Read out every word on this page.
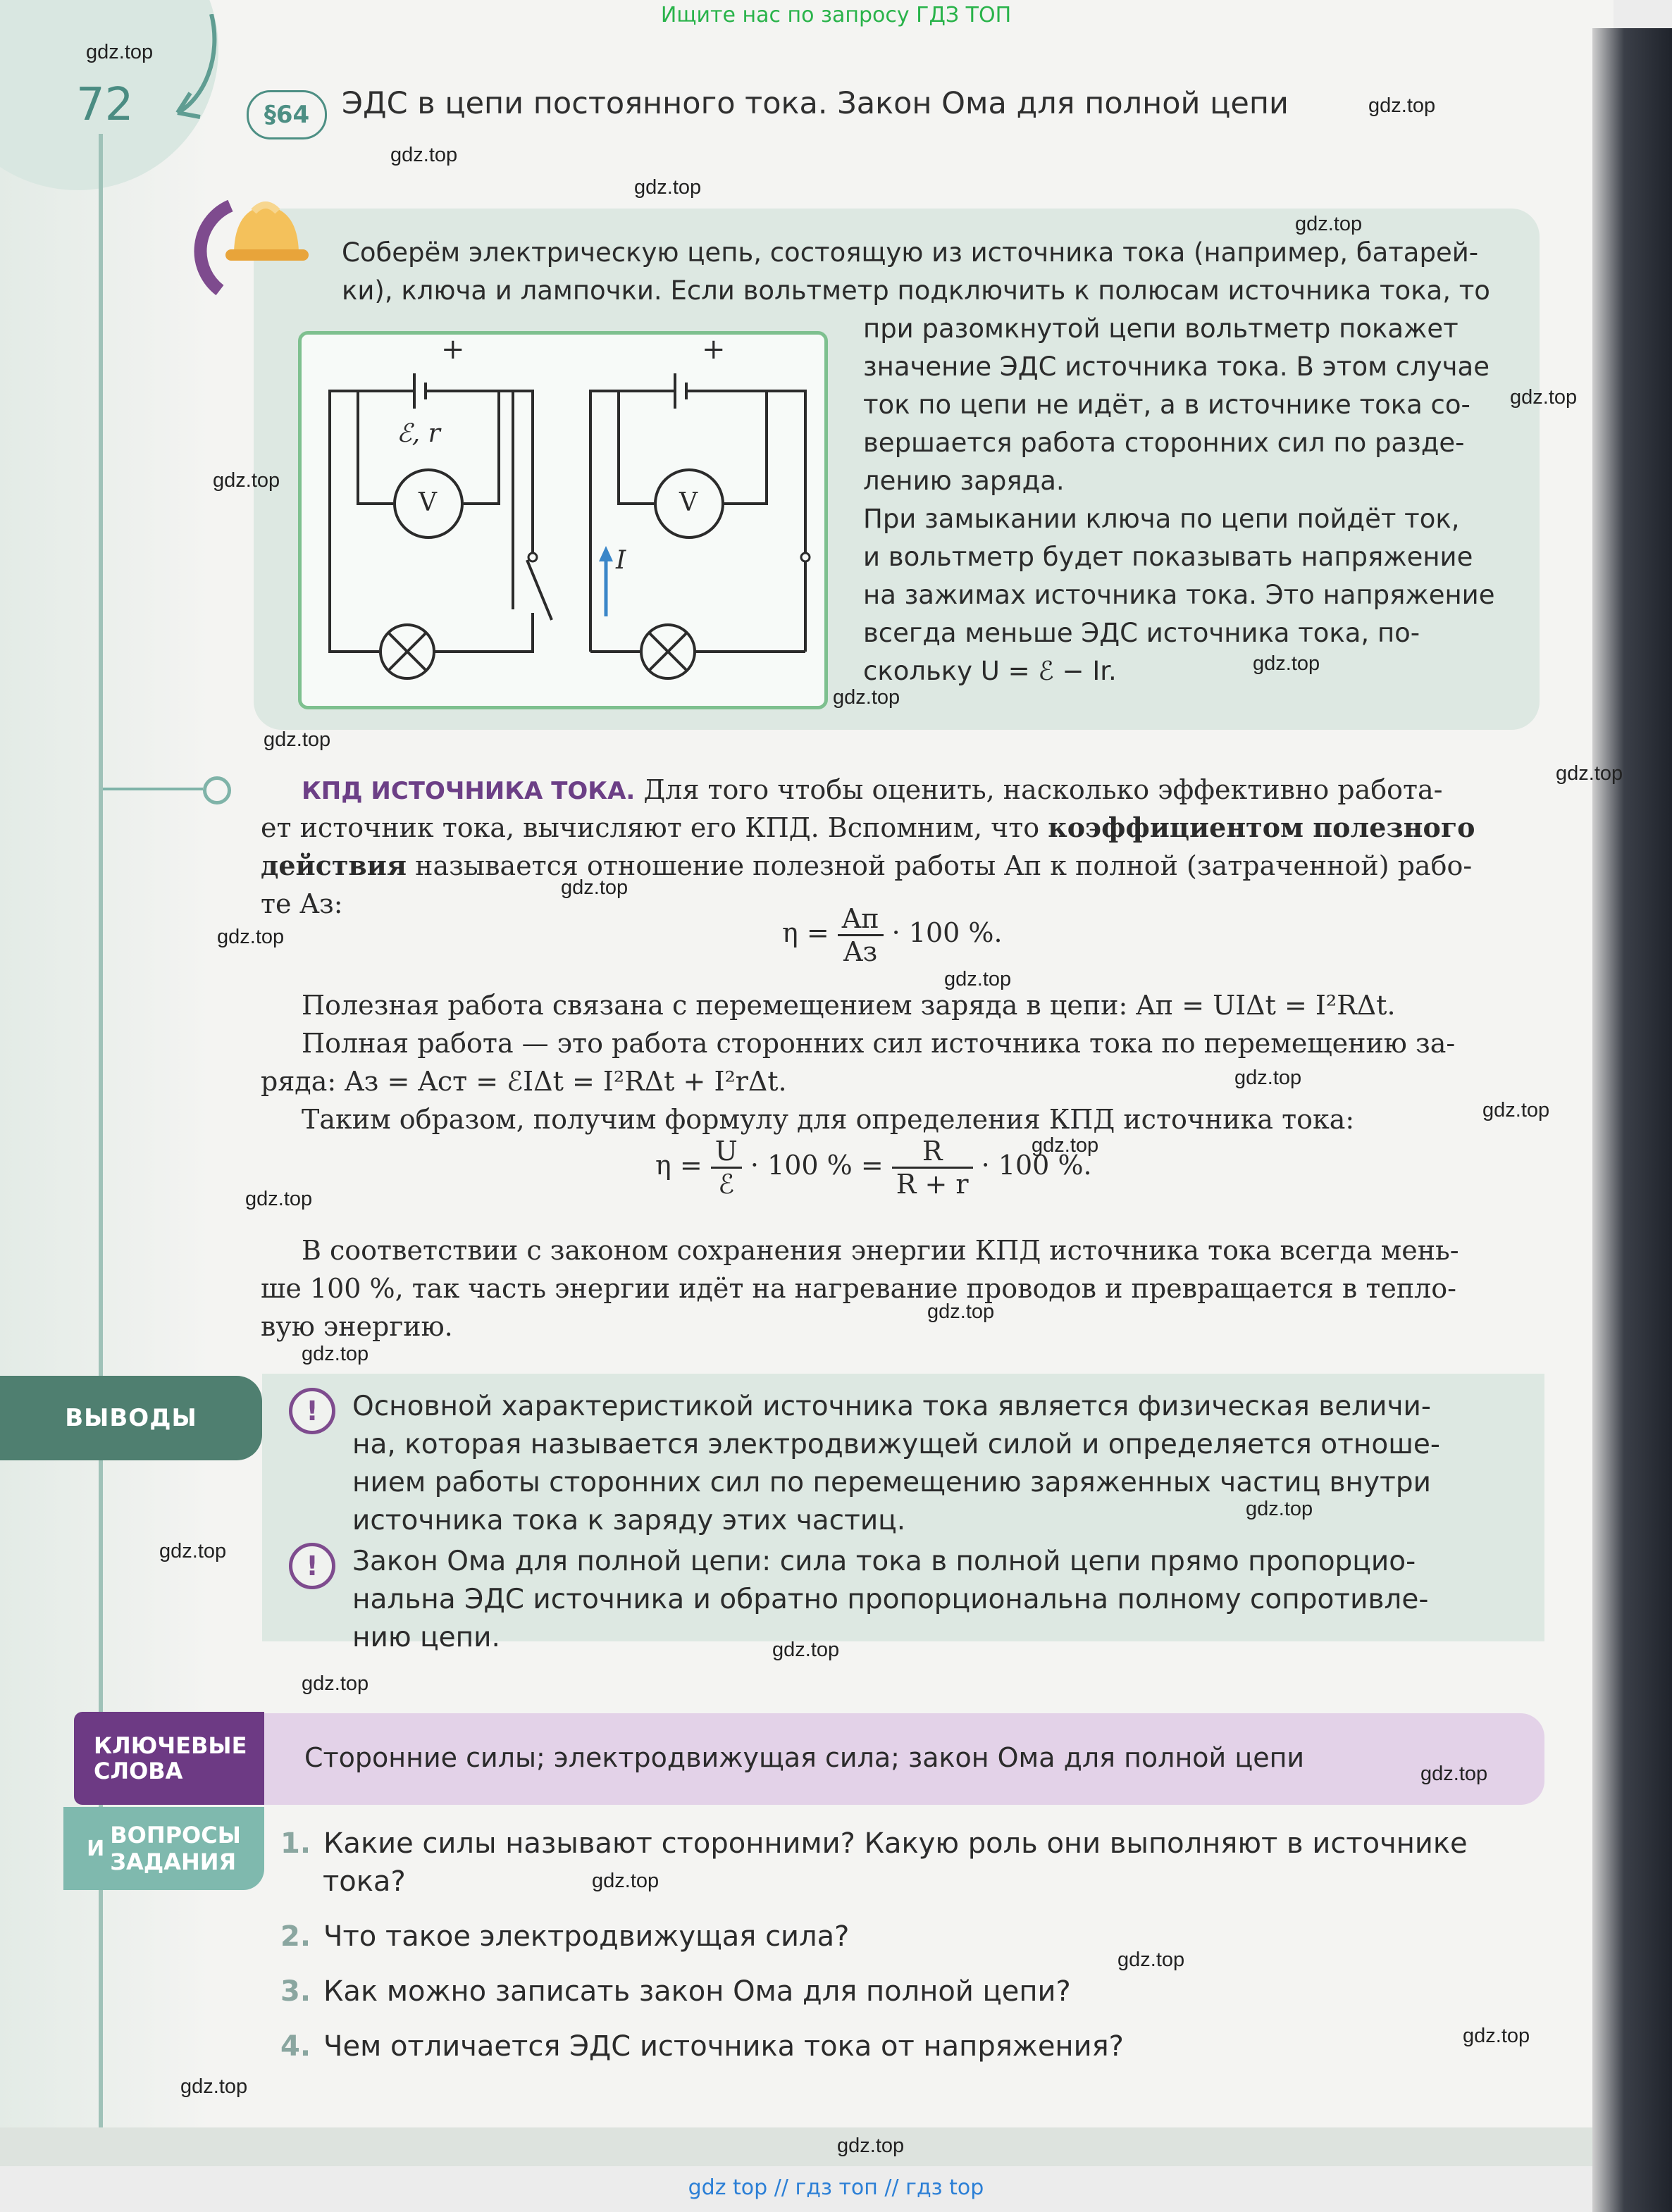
Ищите нас по запросу ГДЗ ТОП
72	§64	ЭДС в цепи постоянного тока. Закон Ома для полной цепи
Соберём электрическую цепь, состоящую из источника тока (например, батарей-
ки), ключа и лампочки. Если вольтметр подключить к полюсам источника тока, то
+	+
ℰ, r
V	V
I
при разомкнутой цепи вольтметр покажет
значение ЭДС источника тока. В этом случае
ток по цепи не идёт, а в источнике тока со-
вершается работа сторонних сил по разде-
лению заряда.
При замыкании ключа по цепи пойдёт ток,
и вольтметр будет показывать напряжение
на зажимах источника тока. Это напряжение
всегда меньше ЭДС источника тока, по-
скольку U = ℰ − Ir.
КПД ИСТОЧНИКА ТОКА. Для того чтобы оценить, насколько эффективно работа-
ет источник тока, вычисляют его КПД. Вспомним, что коэффициентом полезного
действия называется отношение полезной работы Aп к полной (затраченной) рабо-
те Aз:
$\eta = \frac{Aп}{Aз} \cdot 100$ %.
Полезная работа связана с перемещением заряда в цепи: Aп = UIΔt = I²RΔt.
Полная работа — это работа сторонних сил источника тока по перемещению за-
ряда: Aз = Aст = ℰIΔt = I²RΔt + I²rΔt.
Таким образом, получим формулу для определения КПД источника тока:
$\eta = \frac{U}{\text{ℰ}} \cdot 100$ % = $\frac{R}{R + r} \cdot 100$ %.
В соответствии с законом сохранения энергии КПД источника тока всегда мень-
ше 100 %, так часть энергии идёт на нагревание проводов и превращается в тепло-
вую энергию.
ВЫВОДЫ	!
!
Основной характеристикой источника тока является физическая величи-
на, которая называется электродвижущей силой и определяется отноше-
нием работы сторонних сил по перемещению заряженных частиц внутри
источника тока к заряду этих частиц.
Закон Ома для полной цепи: сила тока в полной цепи прямо пропорцио-
нальна ЭДС источника и обратно пропорциональна полному сопротивле-
нию цепи.
КЛЮЧЕВЫЕ
СЛОВА	Сторонние силы; электродвижущая сила; закон Ома для полной цепи
И ВОПРОСЫ
ЗАДАНИЯ
1. Какие силы называют сторонними? Какую роль они выполняют в источнике
тока?
2. Что такое электродвижущая сила?
3. Как можно записать закон Ома для полной цепи?
4. Чем отличается ЭДС источника тока от напряжения?
gdz.top
gdz.top
gdz.top
gdz.top
gdz.top
gdz.top
gdz.top
gdz.top
gdz.top
gdz.top
gdz.top
gdz.top
gdz.top
gdz.top
gdz.top
gdz.top
gdz.top
gdz.top
gdz.top
gdz.top
gdz.top
gdz.top
gdz.top
gdz.top
gdz.top
gdz.top
gdz.top
gdz.top
gdz.top
gdz.top
gdz top // гдз топ // гдз top
